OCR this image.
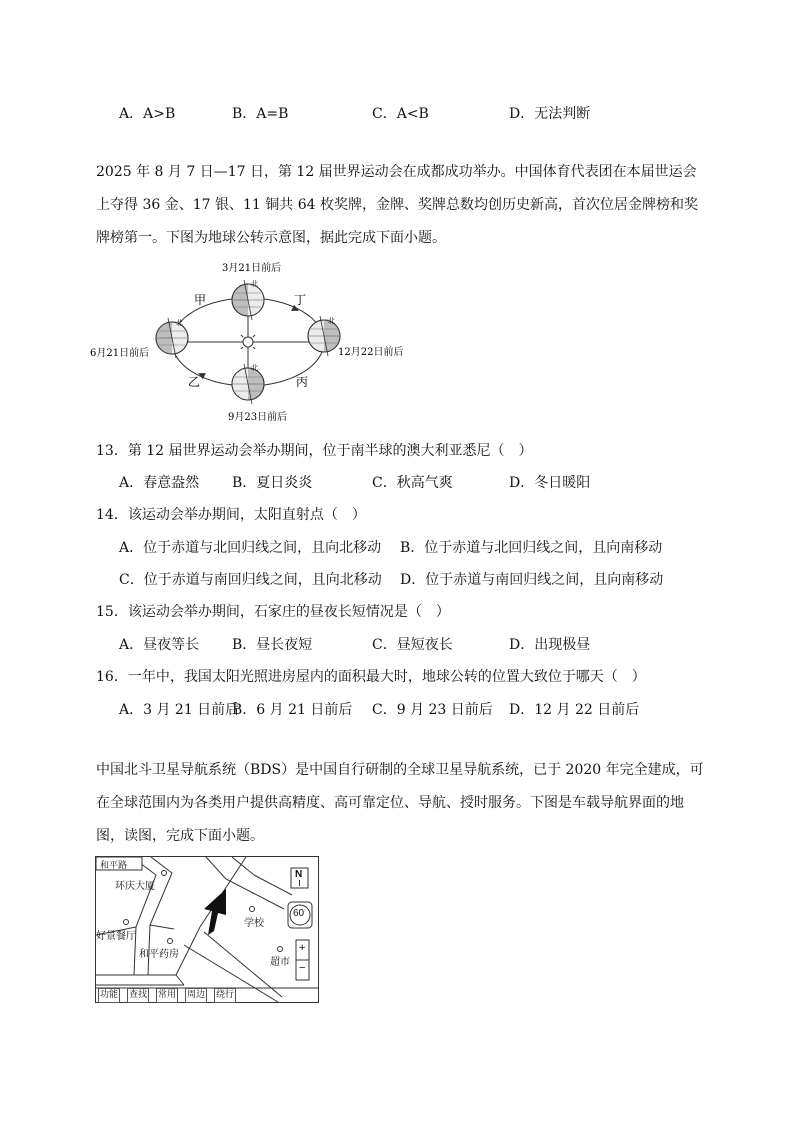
A．A>B	B．A=B	C．A<B	D．无法判断
2025 年 8 月 7 日—17 日，第 12 届世界运动会在成都成功举办。中国体育代表团在本届世运会上夺得 36 金、17 银、11 铜共 64 枚奖牌，金牌、奖牌总数均创历史新高，首次位居金牌榜和奖牌榜第一。下图为地球公转示意图，据此完成下面小题。
3月21日前后
6月21日前后	12月22日前后
9月23日前后
北
北	北
北
甲	丁
乙	丙
13．第 12 届世界运动会举办期间，位于南半球的澳大利亚悉尼（　）
A．春意盎然 B．夏日炎炎	C．秋高气爽	D．冬日暖阳
14．该运动会举办期间，太阳直射点（　）
A．位于赤道与北回归线之间，且向北移动 B．位于赤道与北回归线之间，且向南移动
C．位于赤道与南回归线之间，且向北移动 D．位于赤道与南回归线之间，且向南移动
15．该运动会举办期间，石家庄的昼夜长短情况是（　）
A．昼夜等长 B．昼长夜短	C．昼短夜长	D．出现极昼
16．一年中，我国太阳光照进房屋内的面积最大时，地球公转的位置大致位于哪天（　）
A．3 月 21 日前后
B．6 月 21 日前后 C．9 月 23 日前后 D．12 月 22 日前后
中国北斗卫星导航系统（BDS）是中国自行研制的全球卫星导航系统，已于 2020 年完全建成，可在全球范围内为各类用户提供高精度、高可靠定位、导航、授时服务。下图是车载导航界面的地图，读图，完成下面小题。
和平路
环庆大厦
好景餐厅
和平药房
学校
超市
N
60
+
−
功能 查找 常用 周边 绕行
